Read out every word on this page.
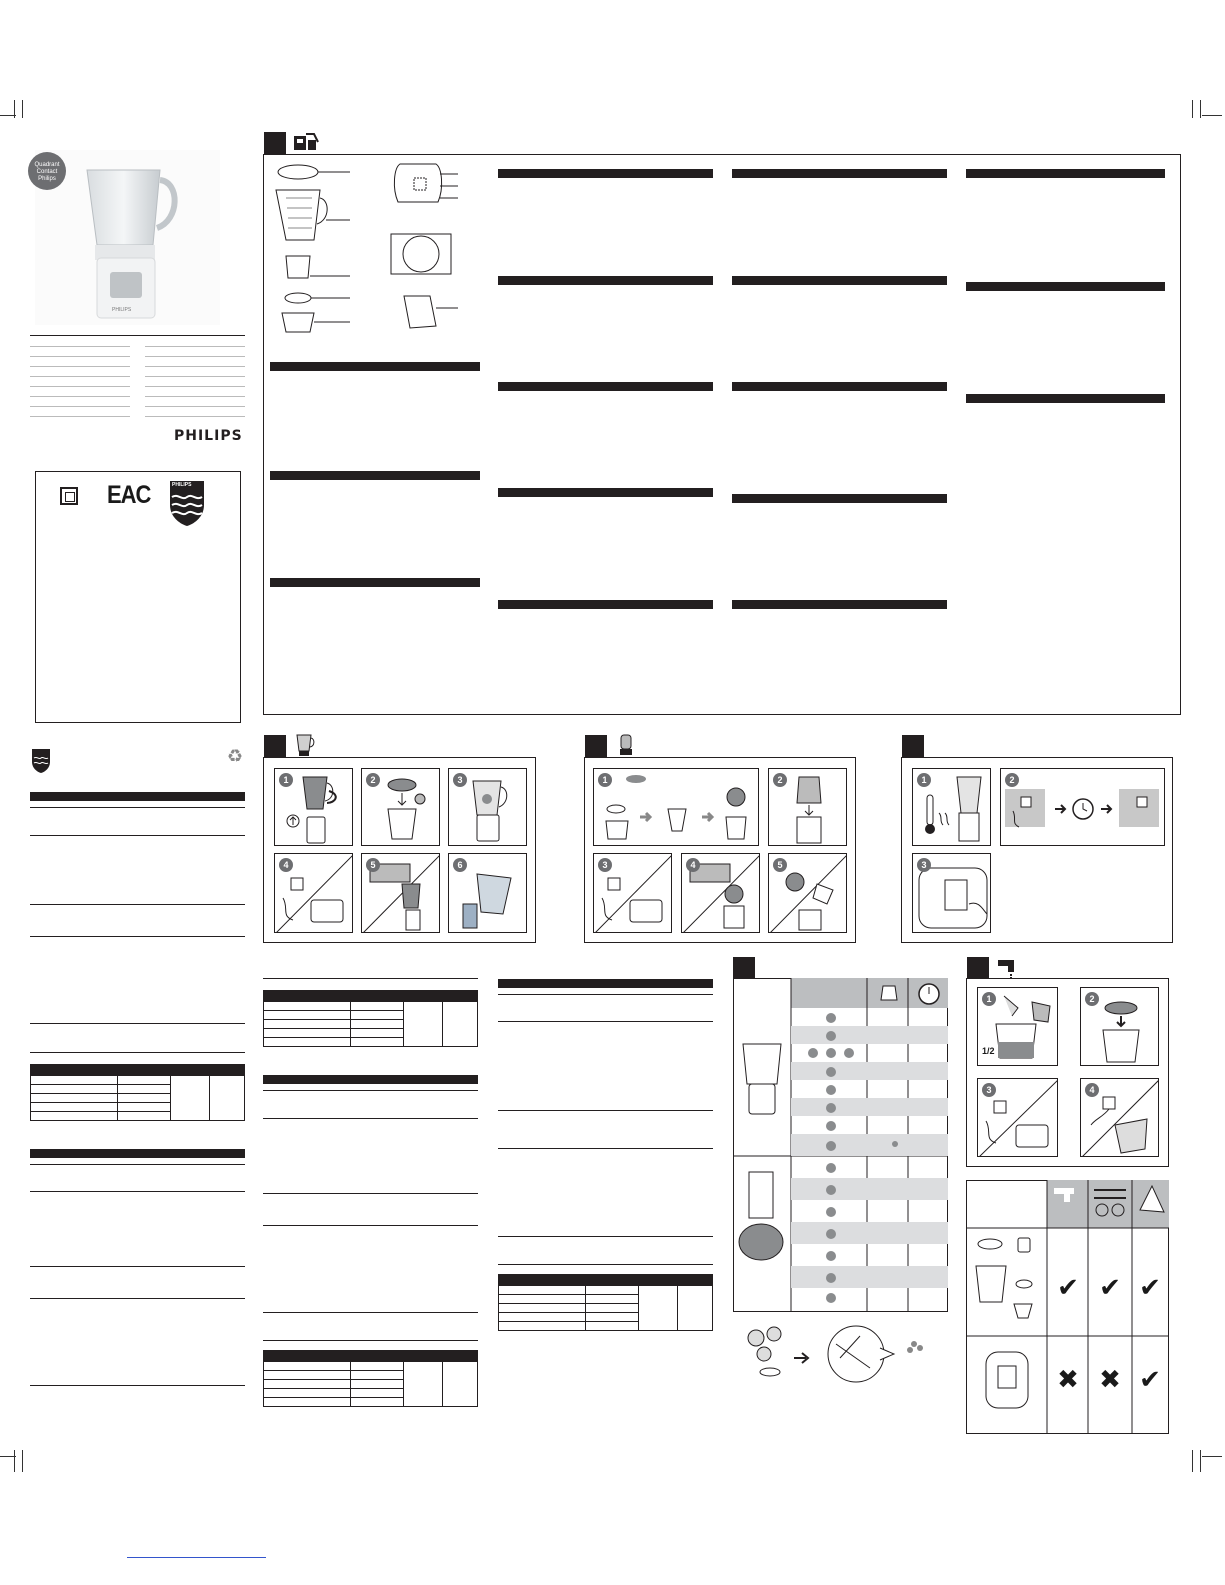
Quadrant
Contact
Philips
PHILIPS
PHILIPS
EAC	PHILIPS
♻

1	2	3
4	5	6
1	2
3	4	5
1	2
3

1
1/2
2
3	4
✔ ✔ ✔
✖ ✖ ✔
